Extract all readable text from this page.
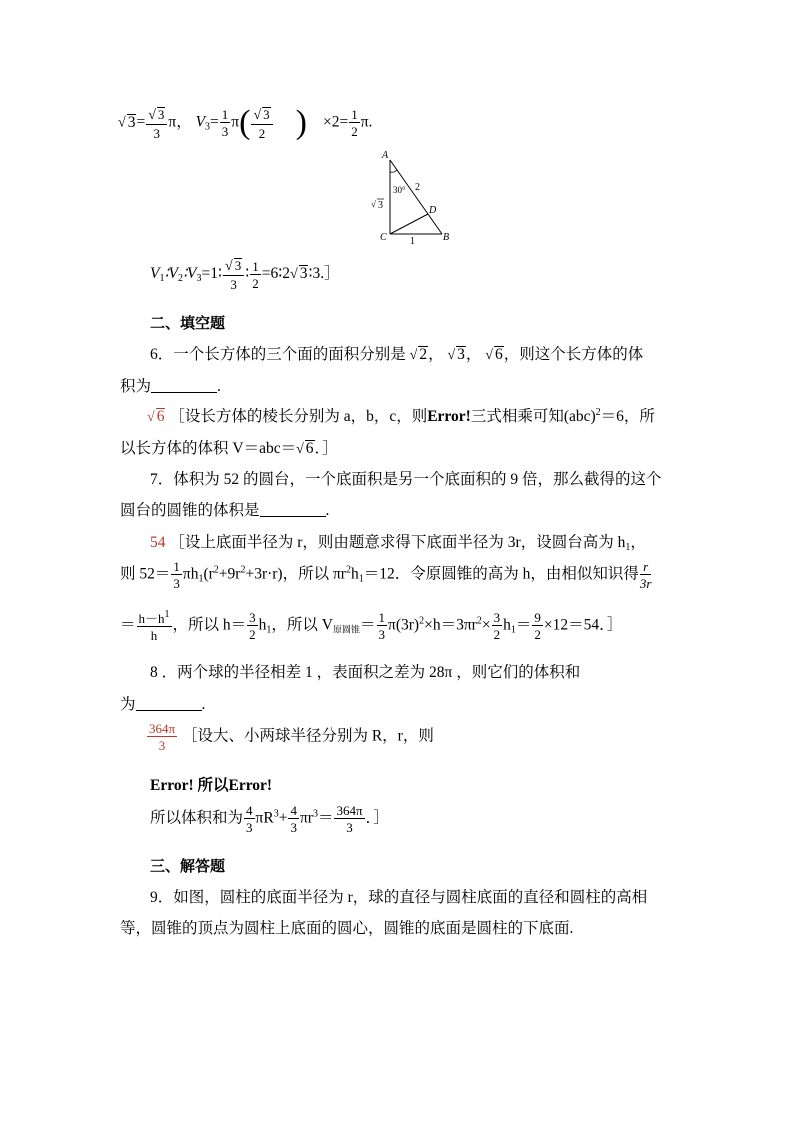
√ $3= \frac{√ 3}{3}$ π， $V_3= \frac{1}{3} \pi( \frac{√ 3}{2}$ ) $\times 2= \frac{1}{2} \pi$.
A
B
C
D
30° 2
√ 3
1
$V_1∶V_2∶V_3=1∶ \frac{√ 3}{3}$ ∶ $\frac{1}{2}$ =6∶2√ 3∶3.］
二、填空题
6．一个长方体的三个面的面积分别是 √ 2， √ 3， √ 6，则这个长方体的体
积为	.
√ 6 ［设长方体的棱长分别为 a，b，c，则Error!三式相乘可知(abc)$^2$＝6，所
以长方体的体积 V＝abc＝√ 6．］
7．体积为 52 的圆台，一个底面积是另一个底面积的 9 倍，那么截得的这个
圆台的圆锥的体积是	.
54 ［设上底面半径为 r，则由题意求得下底面半径为 3r，设圆台高为 $h_1$，
则 $52= \frac{1}{3} \pi h_1(r^2+9r^2+3r\cdot r)$，所以 $\pi r^2h_1=12$．令原圆锥的高为 h，由相似知识得 $\frac{r}{3r}$
＝ $\frac{h-h^1}{h}$ ，所以 $h= \frac{3}{2} h_1$，所以 $V_{原圆锥}= \frac{1}{3} \pi(3r)^2\times h=3\pi r^2\times \frac{3}{2} h_1= \frac{9}{2} \times 12=54$．］
8 ．两个球的半径相差 1 ，表面积之差为 28π ，则它们的体积和
为	.
$\frac{364\pi}{3}$ ［设大、小两球半径分别为 R，r，则
Error! 所以Error!
所以体积和为 $\frac{4}{3} \pi R^3+ \frac{4}{3} \pi r^3= \frac{364\pi}{3}$ ．］
三、解答题
9．如图，圆柱的底面半径为 r，球的直径与圆柱底面的直径和圆柱的高相
等，圆锥的顶点为圆柱上底面的圆心，圆锥的底面是圆柱的下底面.
